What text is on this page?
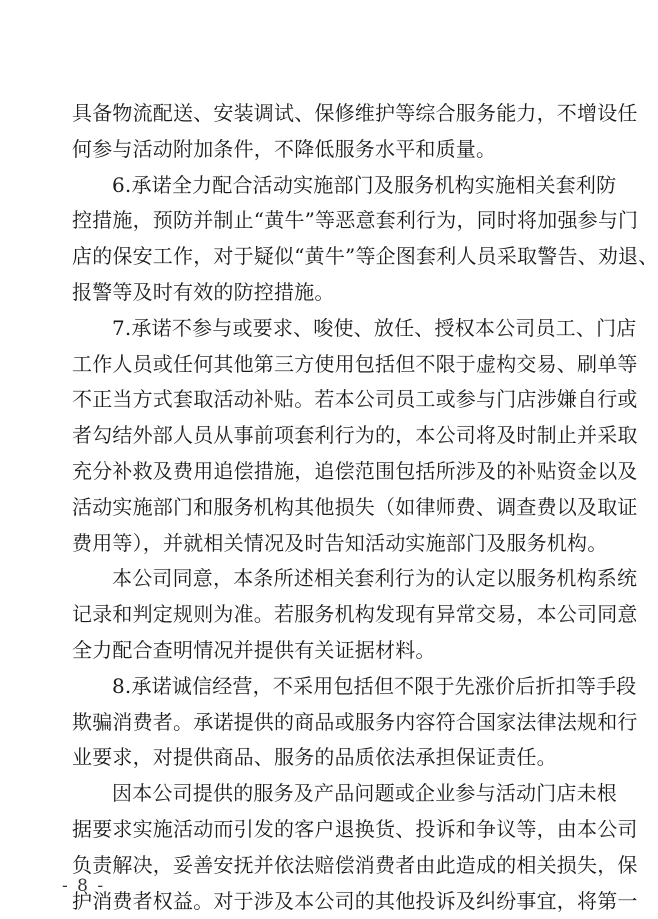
具备物流配送、安装调试、保修维护等综合服务能力，不增设任
何参与活动附加条件，不降低服务水平和质量。
6.承诺全力配合活动实施部门及服务机构实施相关套利防
控措施，预防并制止“黄牛”等恶意套利行为，同时将加强参与门
店的保安工作，对于疑似“黄牛”等企图套利人员采取警告、劝退、
报警等及时有效的防控措施。
7.承诺不参与或要求、唆使、放任、授权本公司员工、门店
工作人员或任何其他第三方使用包括但不限于虚构交易、刷单等
不正当方式套取活动补贴。若本公司员工或参与门店涉嫌自行或
者勾结外部人员从事前项套利行为的，本公司将及时制止并采取
充分补救及费用追偿措施，追偿范围包括所涉及的补贴资金以及
活动实施部门和服务机构其他损失（如律师费、调查费以及取证
费用等），并就相关情况及时告知活动实施部门及服务机构。
本公司同意，本条所述相关套利行为的认定以服务机构系统
记录和判定规则为准。若服务机构发现有异常交易，本公司同意
全力配合查明情况并提供有关证据材料。
8.承诺诚信经营，不采用包括但不限于先涨价后折扣等手段
欺骗消费者。承诺提供的商品或服务内容符合国家法律法规和行
业要求，对提供商品、服务的品质依法承担保证责任。
因本公司提供的服务及产品问题或企业参与活动门店未根
据要求实施活动而引发的客户退换货、投诉和争议等，由本公司
负责解决，妥善安抚并依法赔偿消费者由此造成的相关损失，保
护消费者权益。对于涉及本公司的其他投诉及纠纷事宜，将第一
- 8 -
